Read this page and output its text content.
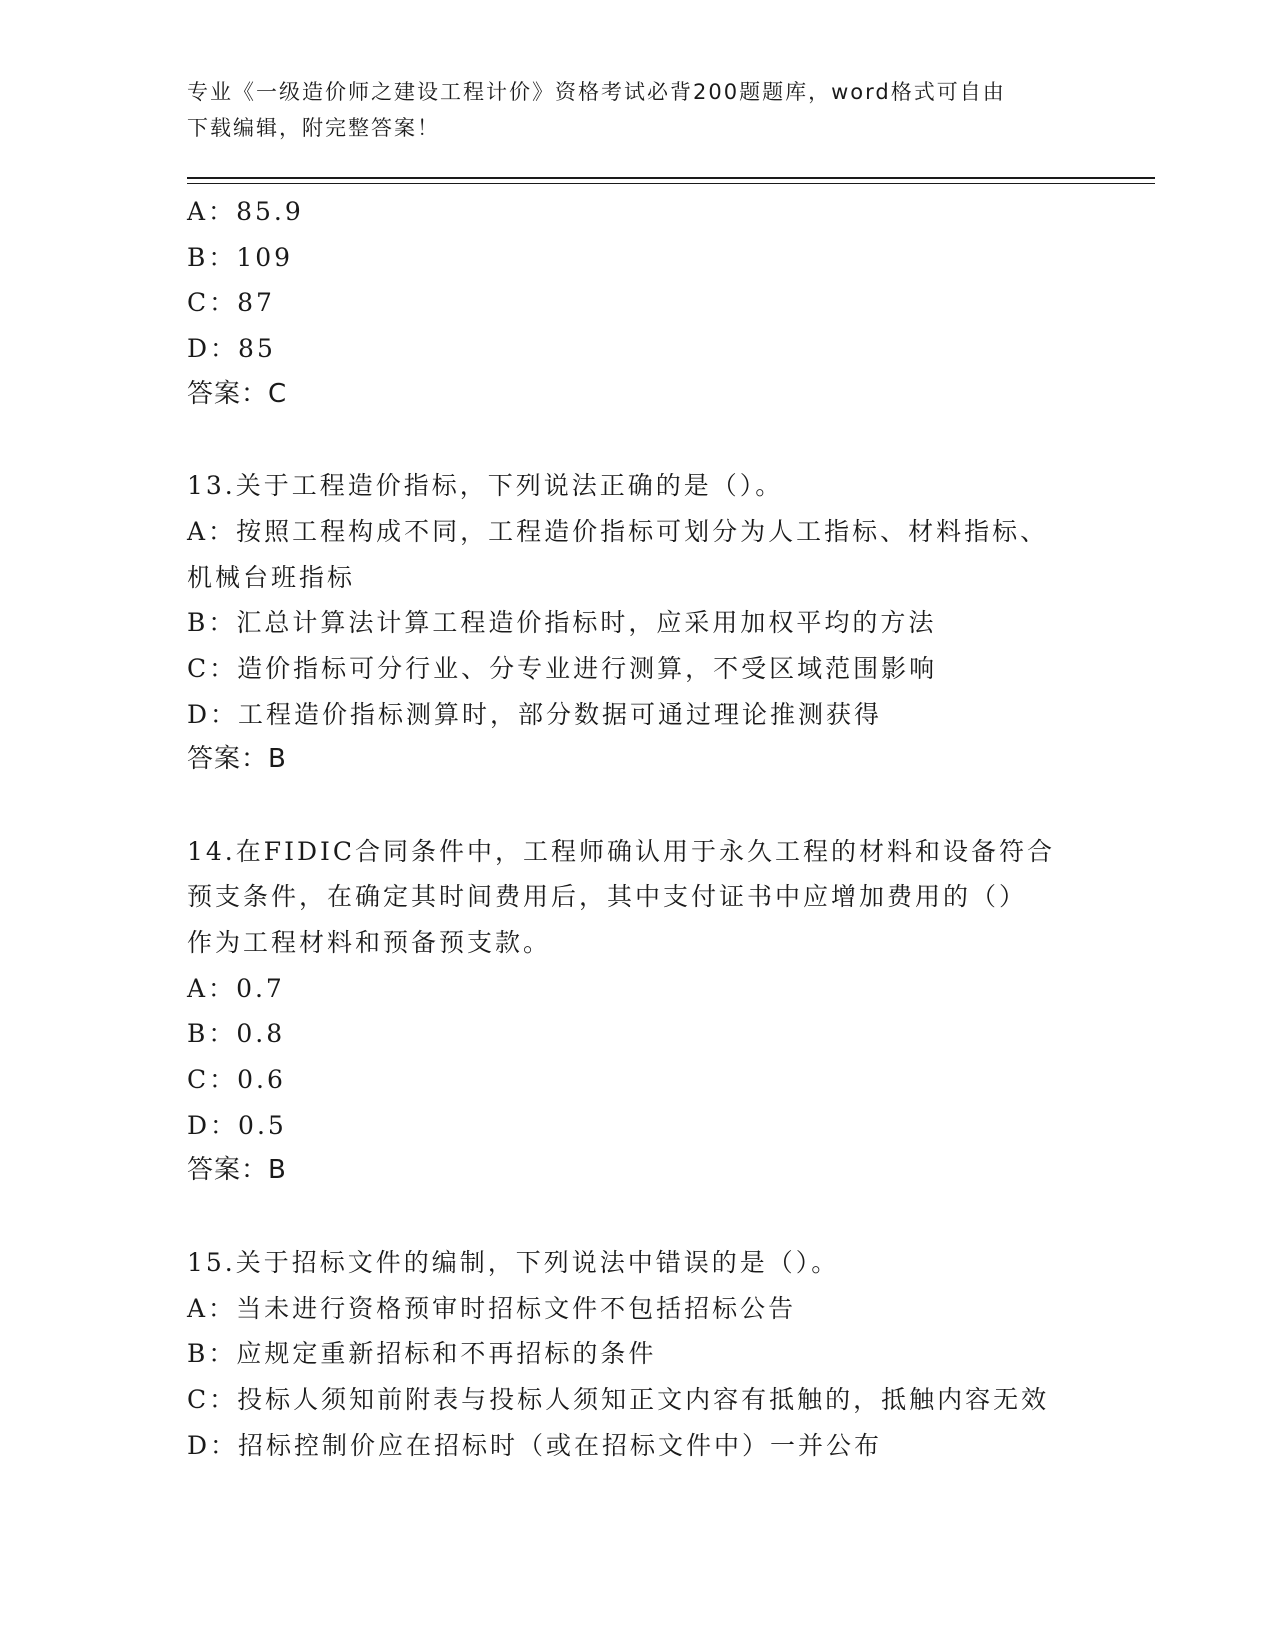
专业《一级造价师之建设工程计价》资格考试必背200题题库，word格式可自由
下载编辑，附完整答案！
A：85.9
B：109
C：87
D：85
答案：C
13.关于工程造价指标，下列说法正确的是（）。
A：按照工程构成不同，工程造价指标可划分为人工指标、材料指标、
机械台班指标
B：汇总计算法计算工程造价指标时，应采用加权平均的方法
C：造价指标可分行业、分专业进行测算，不受区域范围影响
D：工程造价指标测算时，部分数据可通过理论推测获得
答案：B
14.在FIDIC合同条件中，工程师确认用于永久工程的材料和设备符合
预支条件，在确定其时间费用后，其中支付证书中应增加费用的（）
作为工程材料和预备预支款。
A：0.7
B：0.8
C：0.6
D：0.5
答案：B
15.关于招标文件的编制，下列说法中错误的是（）。
A：当未进行资格预审时招标文件不包括招标公告
B：应规定重新招标和不再招标的条件
C：投标人须知前附表与投标人须知正文内容有抵触的，抵触内容无效
D：招标控制价应在招标时（或在招标文件中）一并公布
